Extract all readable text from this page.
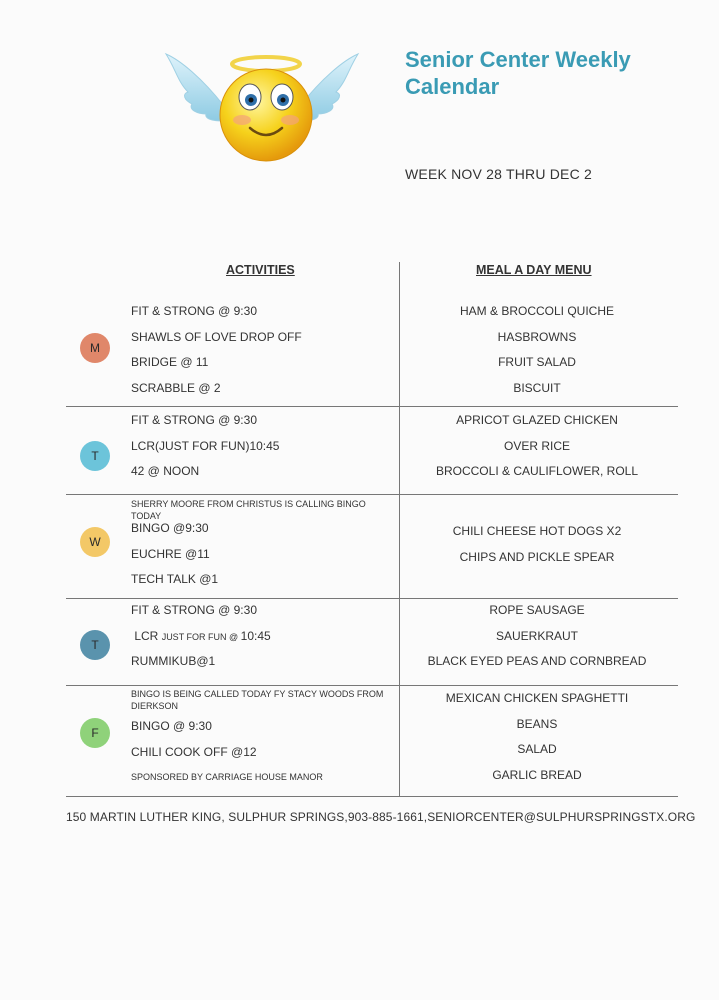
Senior Center Weekly
Calendar
WEEK NOV 28 THRU DEC 2
ACTIVITIES	MEAL A DAY MENU
M
FIT & STRONG @ 9:30
SHAWLS OF LOVE DROP OFF
BRIDGE @ 11
SCRABBLE @ 2
HAM & BROCCOLI QUICHE
HASBROWNS
FRUIT SALAD
BISCUIT
T
FIT & STRONG @ 9:30
LCR(JUST FOR FUN)10:45
42 @ NOON
APRICOT GLAZED CHICKEN
OVER RICE
BROCCOLI & CAULIFLOWER, ROLL
W
SHERRY MOORE FROM CHRISTUS IS CALLING BINGO TODAY
BINGO @9:30
EUCHRE @11
TECH TALK @1
CHILI CHEESE HOT DOGS X2
CHIPS AND PICKLE SPEAR
T
FIT & STRONG @ 9:30
LCR JUST FOR FUN @ 10:45
RUMMIKUB@1
ROPE SAUSAGE
SAUERKRAUT
BLACK EYED PEAS AND CORNBREAD
F
BINGO IS BEING CALLED TODAY FY STACY WOODS FROM DIERKSON
BINGO @ 9:30
CHILI COOK OFF @12
SPONSORED BY CARRIAGE HOUSE MANOR
MEXICAN CHICKEN SPAGHETTI
BEANS
SALAD
GARLIC BREAD
150 MARTIN LUTHER KING, SULPHUR SPRINGS,903-885-1661,SENIORCENTER@SULPHURSPRINGSTX.ORG
